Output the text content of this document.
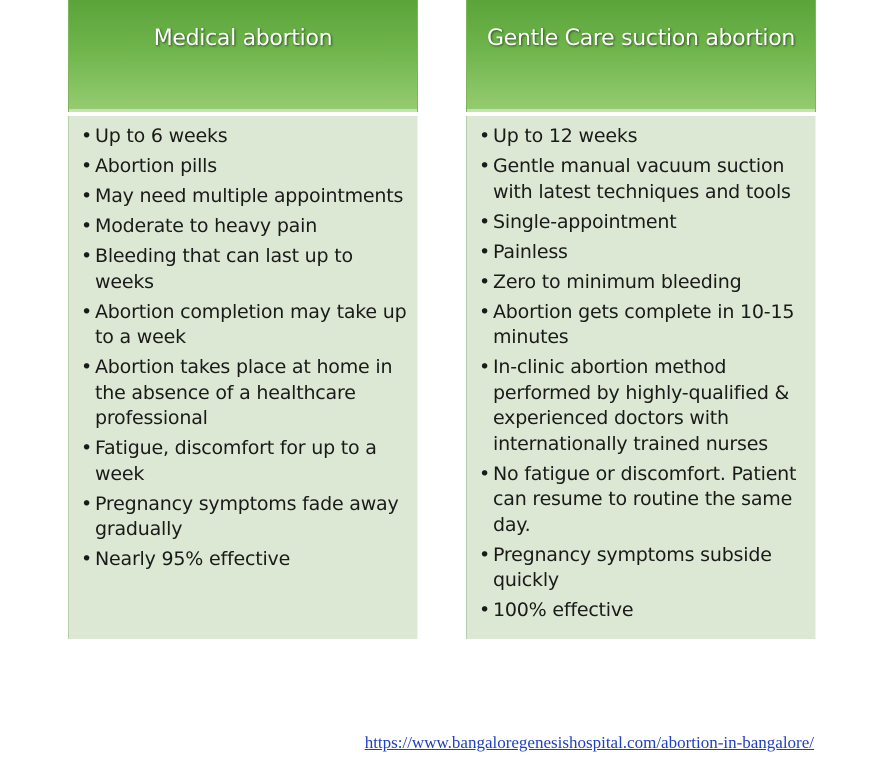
Medical abortion
• Up to 6 weeks
• Abortion pills
• May need multiple appointments
• Moderate to heavy pain
• Bleeding that can last up to weeks
• Abortion completion may take up to a week
• Abortion takes place at home in the absence of a healthcare professional
• Fatigue, discomfort for up to a week
• Pregnancy symptoms fade away gradually
• Nearly 95% effective
Gentle Care suction abortion
• Up to 12 weeks
• Gentle manual vacuum suction with latest techniques and tools
• Single-appointment
• Painless
• Zero to minimum bleeding
• Abortion gets complete in 10-15 minutes
• In-clinic abortion method performed by highly-qualified & experienced doctors with internationally trained nurses
• No fatigue or discomfort. Patient can resume to routine the same day.
• Pregnancy symptoms subside quickly
• 100% effective
https://www.bangaloregenesishospital.com/abortion-in-bangalore/
